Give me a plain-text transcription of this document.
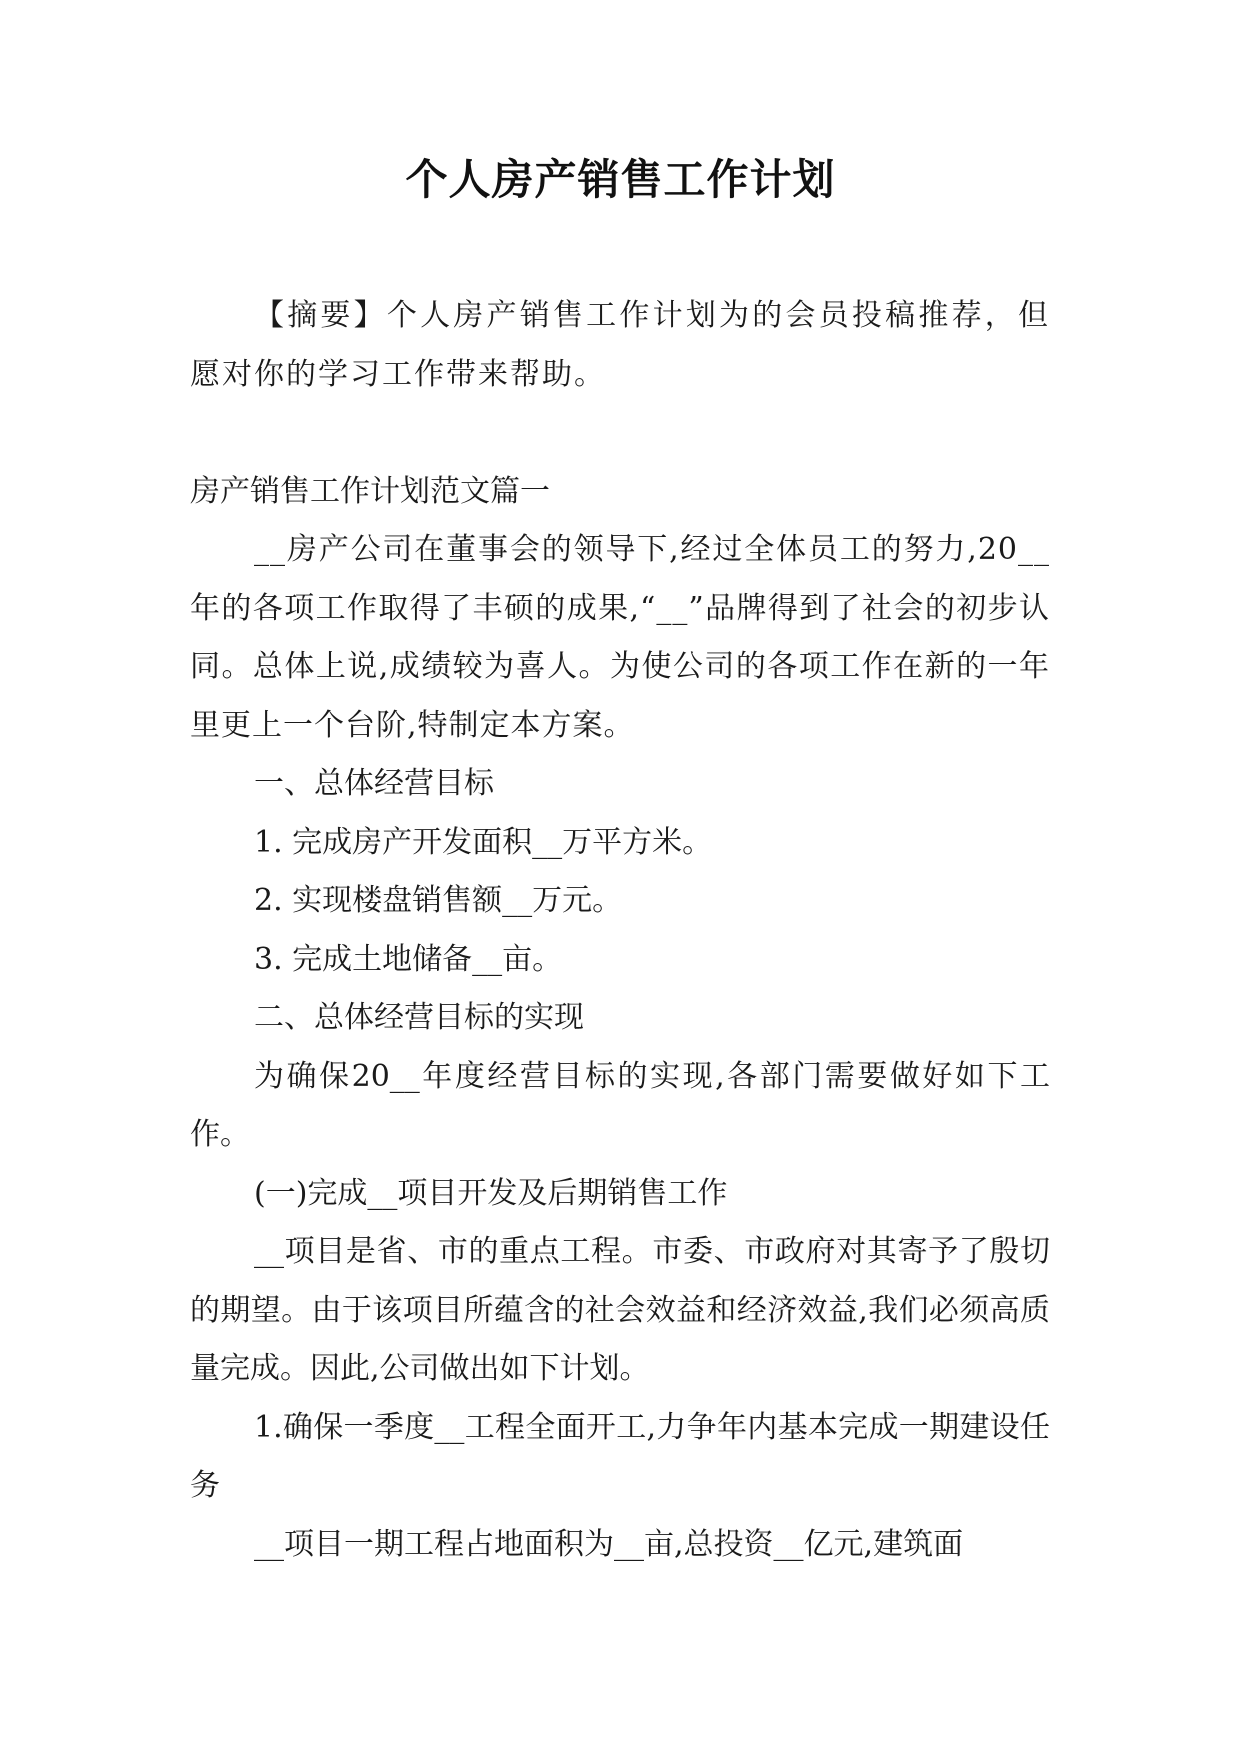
个人房产销售工作计划

【摘要】个人房产销售工作计划为的会员投稿推荐，但愿对你的学习工作带来帮助。

房产销售工作计划范文篇一

__房产公司在董事会的领导下,经过全体员工的努力,20__年的各项工作取得了丰硕的成果,“__”品牌得到了社会的初步认同。总体上说,成绩较为喜人。为使公司的各项工作在新的一年里更上一个台阶,特制定本方案。

一、总体经营目标

1. 完成房产开发面积__万平方米。

2. 实现楼盘销售额__万元。

3. 完成土地储备__亩。

二、总体经营目标的实现

为确保20__年度经营目标的实现,各部门需要做好如下工作。

(一)完成__项目开发及后期销售工作

__项目是省、市的重点工程。市委、市政府对其寄予了殷切的期望。由于该项目所蕴含的社会效益和经济效益,我们必须高质量完成。因此,公司做出如下计划。

1.确保一季度__工程全面开工,力争年内基本完成一期建设任务

__项目一期工程占地面积为__亩,总投资__亿元,建筑面
